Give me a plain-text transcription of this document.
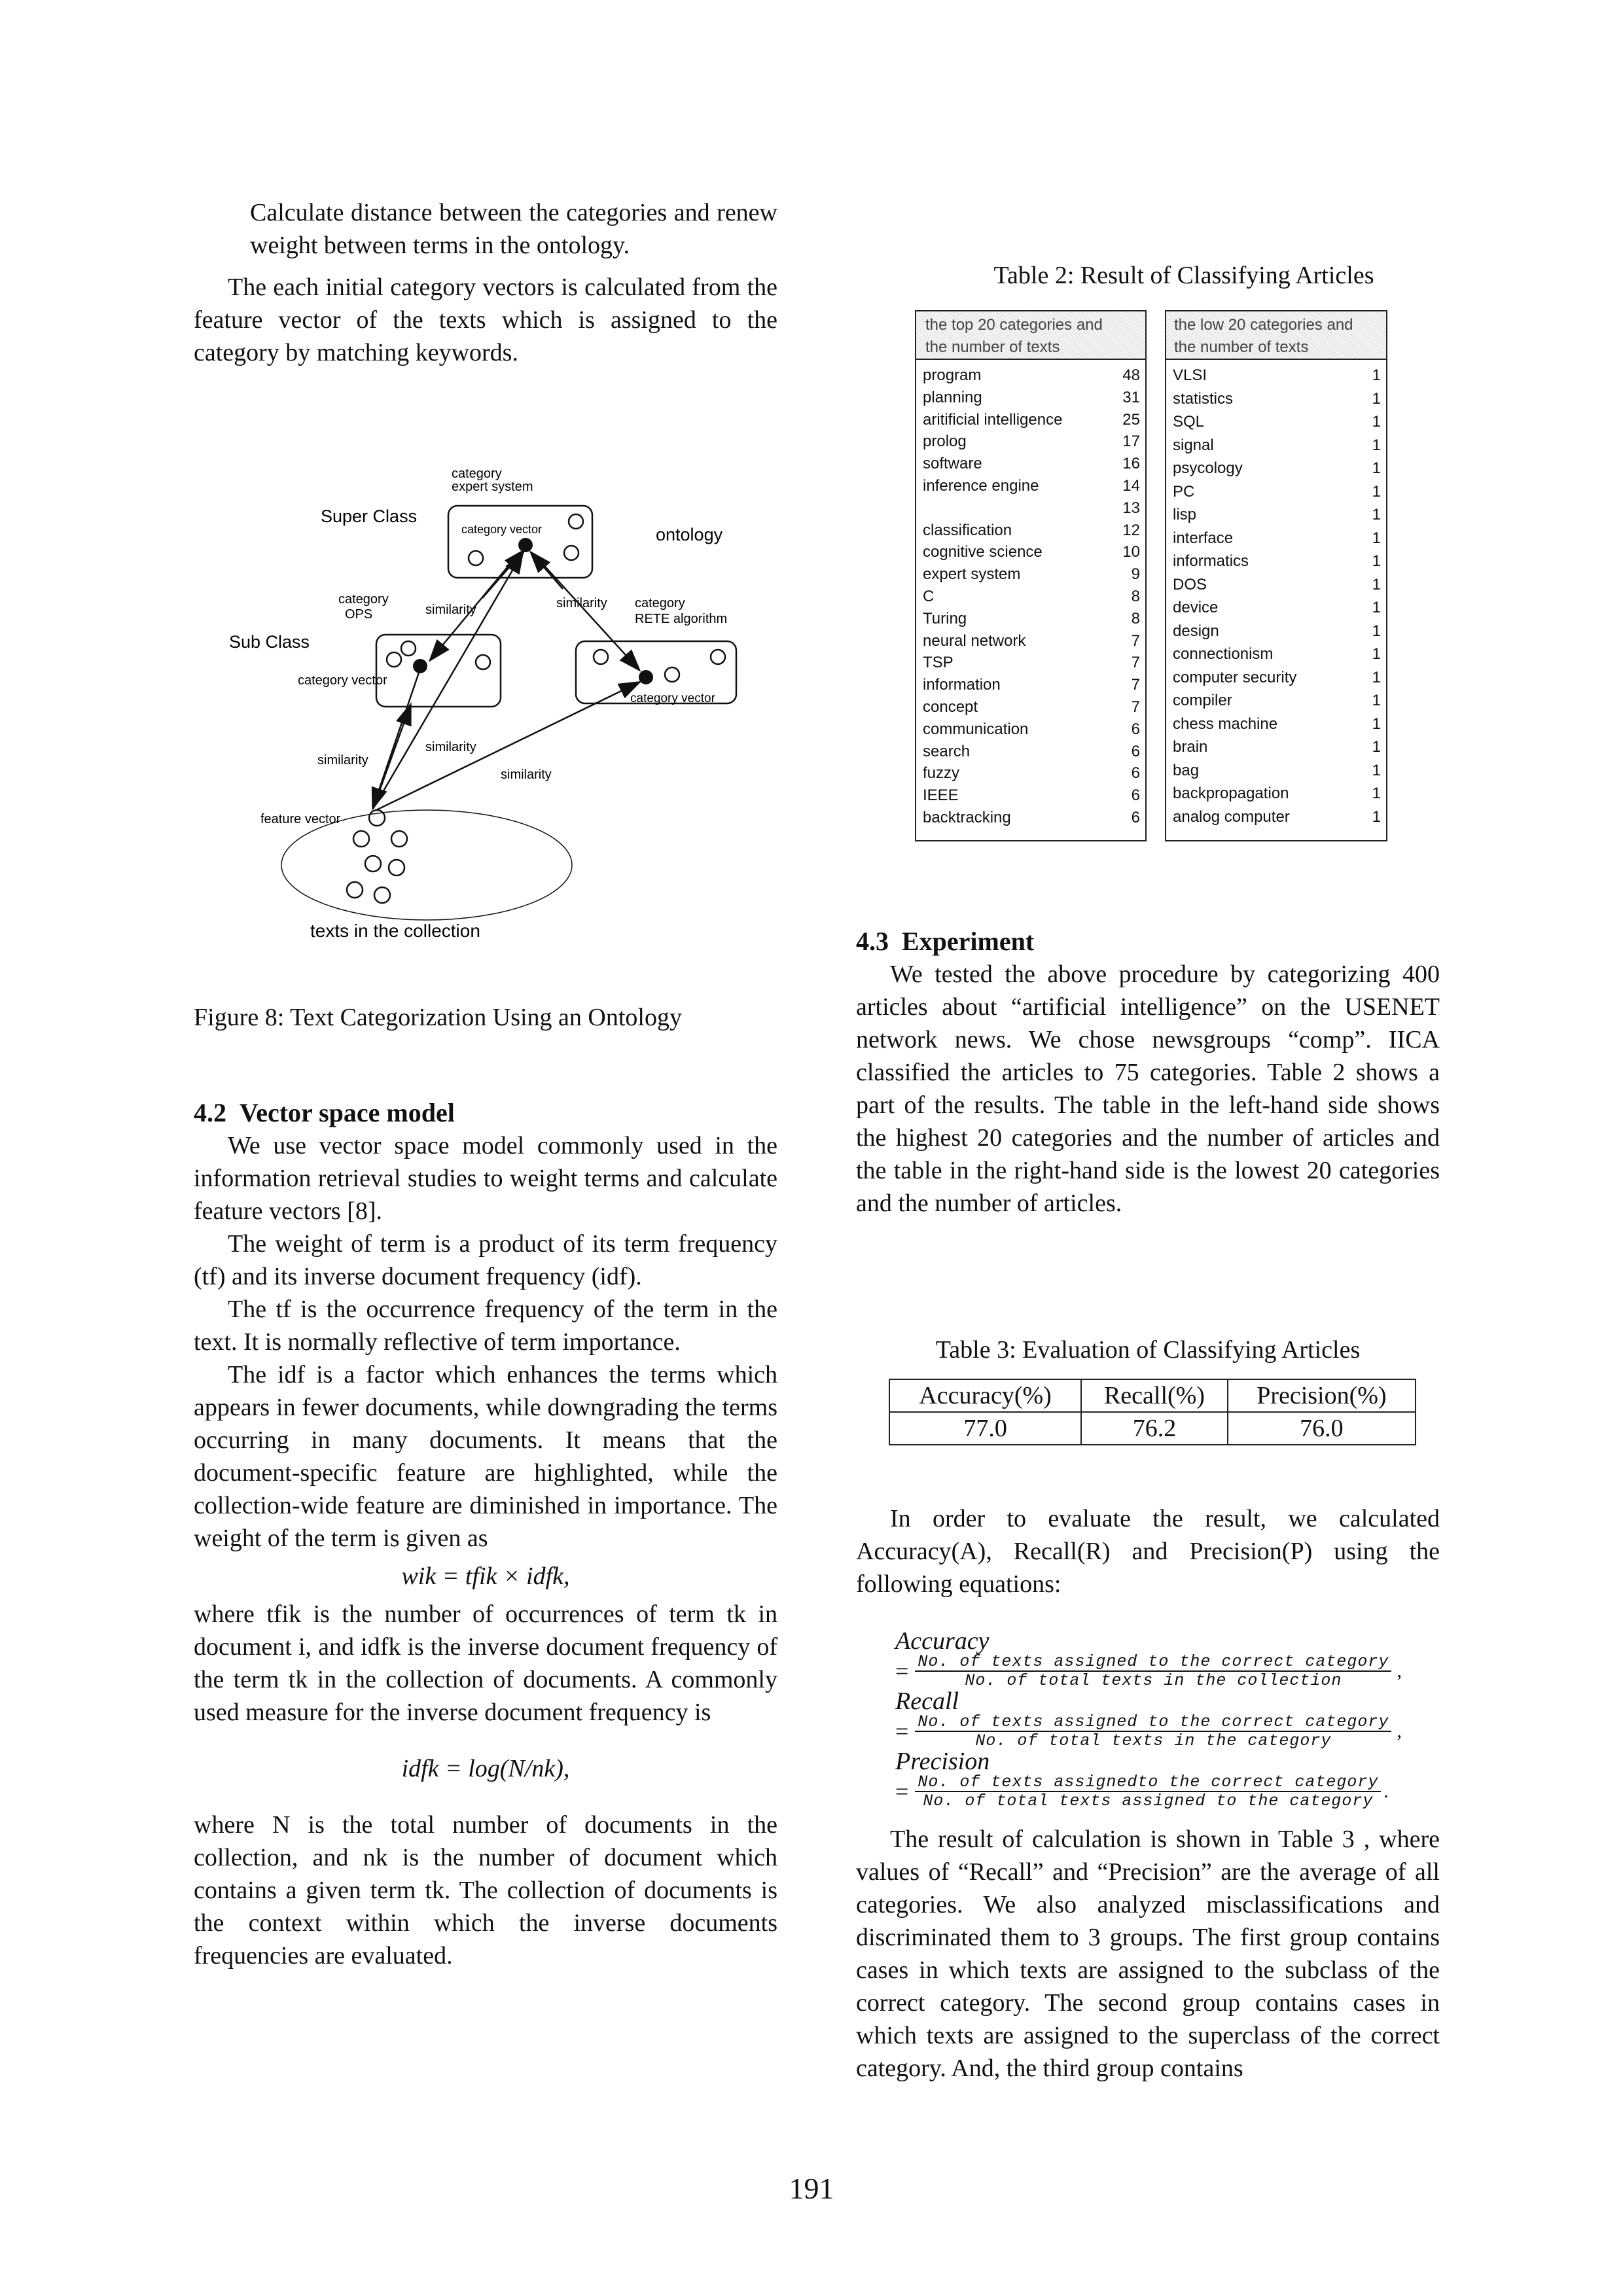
Calculate distance between the categories and renew weight between terms in the ontology.

The each initial category vectors is calculated from the feature vector of the texts which is assigned to the category by matching keywords.

category
expert system
Super Class
category vector	ontology
category
OPS
Sub Class
similarity
category vector
similarity category
RETE algorithm
category vector
similarity
similarity
similarity
feature vector
texts in the collection

Figure 8: Text Categorization Using an Ontology

4.2 Vector space model

We use vector space model commonly used in the information retrieval studies to weight terms and calculate feature vectors [8].

The weight of term is a product of its term frequency (tf) and its inverse document frequency (idf).

The tf is the occurrence frequency of the term in the text. It is normally reflective of term importance.

The idf is a factor which enhances the terms which appears in fewer documents, while downgrading the terms occurring in many documents. It means that the document-specific feature are highlighted, while the collection-wide feature are diminished in importance. The weight of the term is given as

wik = tfik × idfk,

where tfik is the number of occurrences of term tk in document i, and idfk is the inverse document frequency of the term tk in the collection of documents. A commonly used measure for the inverse document frequency is

idfk = log(N/nk),

where N is the total number of documents in the collection, and nk is the number of document which contains a given term tk. The collection of documents is the context within which the inverse documents frequencies are evaluated.

Table 2: Result of Classifying Articles

the top 20 categories and
the number of texts
program	48
planning	31
aritificial intelligence	25
prolog	17
software	16
inference engine	14
13
classification	12
cognitive science	10
expert system	9
C	8
Turing	8
neural network	7
TSP	7
information	7
concept	7
communication	6
search	6
fuzzy	6
IEEE	6
backtracking	6
the low 20 categories and
the number of texts
VLSI	1
statistics	1
SQL	1
signal	1
psycology	1
PC	1
lisp	1
interface	1
informatics	1
DOS	1
device	1
design	1
connectionism	1
computer security	1
compiler	1
chess machine	1
brain	1
bag	1
backpropagation	1
analog computer	1

4.3 Experiment

We tested the above procedure by categorizing 400 articles about “artificial intelligence” on the USENET network news. We chose newsgroups “comp”. IICA classified the articles to 75 categories. Table 2 shows a part of the results. The table in the left-hand side shows the highest 20 categories and the number of articles and the table in the right-hand side is the lowest 20 categories and the number of articles.

Table 3: Evaluation of Classifying Articles

Accuracy(%)	Recall(%)	Precision(%)
77.0	76.2	76.0

In order to evaluate the result, we calculated Accuracy(A), Recall(R) and Precision(P) using the following equations:

Accuracy
= $\frac{\text{No. of texts assigned to the correct category}}{\text{No. of total texts in the collection}}$ ,
Recall
= $\frac{\text{No. of texts assigned to the correct category}}{\text{No. of total texts in the category}}$ ,
Precision
= $\frac{\text{No. of texts assignedto the correct category}}{\text{No. of total texts assigned to the category}}$ .

The result of calculation is shown in Table 3 , where values of “Recall” and “Precision” are the average of all categories. We also analyzed misclassifications and discriminated them to 3 groups. The first group contains cases in which texts are assigned to the subclass of the correct category. The second group contains cases in which texts are assigned to the superclass of the correct category. And, the third group contains

191
